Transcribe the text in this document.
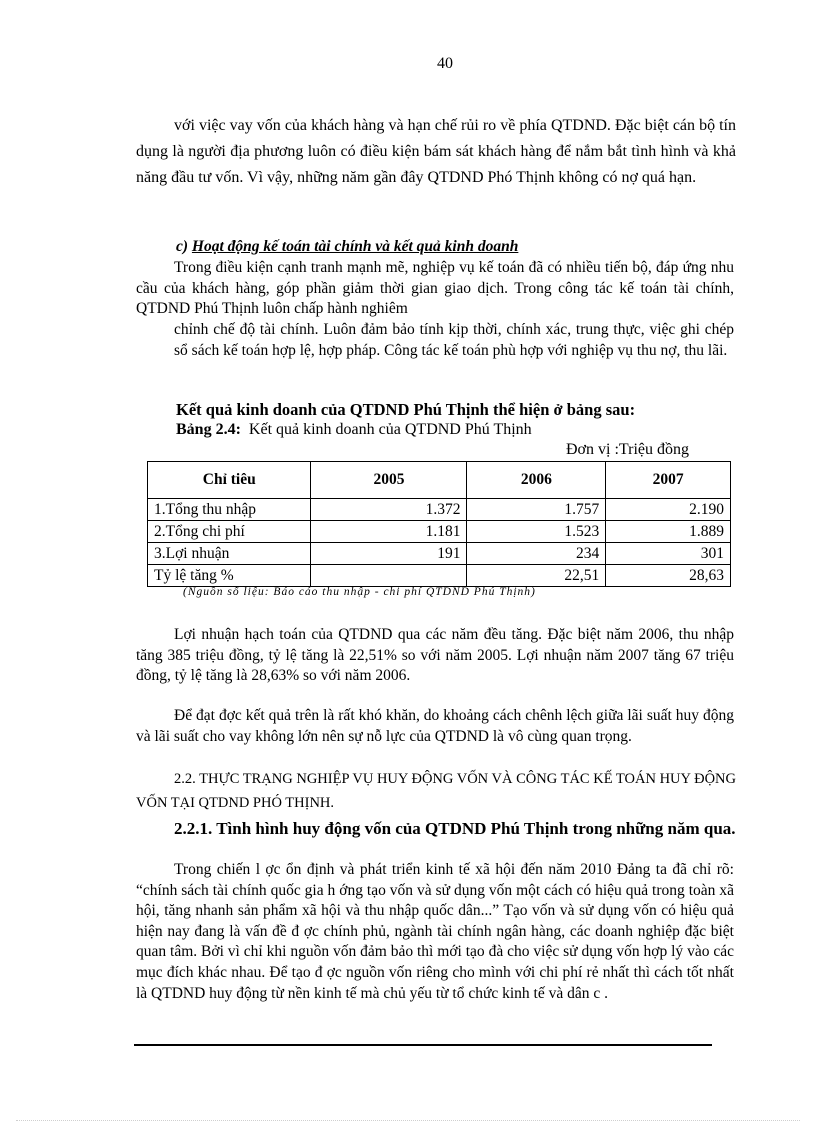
40

với việc vay vốn của khách hàng và hạn chế rủi ro về phía QTDND. Đặc biệt cán bộ tín dụng là người địa phương luôn có điều kiện bám sát khách hàng để nắm bắt tình hình và khả năng đầu tư vốn. Vì vậy, những năm gần đây QTDND Phó Thịnh không có nợ quá hạn.

c) Hoạt động kế toán tài chính và kết quả kinh doanh

Trong điều kiện cạnh tranh mạnh mẽ, nghiệp vụ kế toán đã có nhiều tiến bộ, đáp ứng nhu cầu của khách hàng, góp phần giảm thời gian giao dịch. Trong công tác kế toán tài chính, QTDND Phú Thịnh luôn chấp hành nghiêm

chỉnh chế độ tài chính. Luôn đảm bảo tính kịp thời, chính xác, trung thực, việc ghi chép sổ sách kế toán hợp lệ, hợp pháp. Công tác kế toán phù hợp với nghiệp vụ thu nợ, thu lãi.

Kết quả kinh doanh của QTDND Phú Thịnh thể hiện ở bảng sau:
Bảng 2.4: Kết quả kinh doanh của QTDND Phú Thịnh
Đơn vị :Triệu đồng
Chỉ tiêu	2005	2006	2007
1.Tổng thu nhập	1.372	1.757	2.190
2.Tổng chi phí	1.181	1.523	1.889
3.Lợi nhuận	191	234	301
Tỷ lệ tăng %		22,51	28,63
(Nguồn số liệu: Báo cáo thu nhập - chi phí QTDND Phú Thịnh)

Lợi nhuận hạch toán của QTDND qua các năm đều tăng. Đặc biệt năm 2006, thu nhập tăng 385 triệu đồng, tỷ lệ tăng là 22,51% so với năm 2005. Lợi nhuận năm 2007 tăng 67 triệu đồng, tỷ lệ tăng là 28,63% so với năm 2006.

Để đạt đợc kết quả trên là rất khó khăn, do khoảng cách chênh lệch giữa lãi suất huy động và lãi suất cho vay không lớn nên sự nỗ lực của QTDND là vô cùng quan trọng.

2.2. THỰC TRẠNG NGHIỆP VỤ HUY ĐỘNG VỐN VÀ CÔNG TÁC KẾ TOÁN HUY ĐỘNG VỐN TẠI QTDND PHÓ THỊNH.

2.2.1. Tình hình huy động vốn của QTDND Phú Thịnh trong những năm qua.

Trong chiến l ợc ổn định và phát triển kinh tế xã hội đến năm 2010 Đảng ta đã chỉ rõ: “chính sách tài chính quốc gia h ớng tạo vốn và sử dụng vốn một cách có hiệu quả trong toàn xã hội, tăng nhanh sản phẩm xã hội và thu nhập quốc dân...” Tạo vốn và sử dụng vốn có hiệu quả hiện nay đang là vấn đề đ ợc chính phủ, ngành tài chính ngân hàng, các doanh nghiệp đặc biệt quan tâm. Bởi vì chỉ khi nguồn vốn đảm bảo thì mới tạo đà cho việc sử dụng vốn hợp lý vào các mục đích khác nhau. Để tạo đ ợc nguồn vốn riêng cho mình với chi phí rẻ nhất thì cách tốt nhất là QTDND huy động từ nền kinh tế mà chủ yếu từ tổ chức kinh tế và dân c .
